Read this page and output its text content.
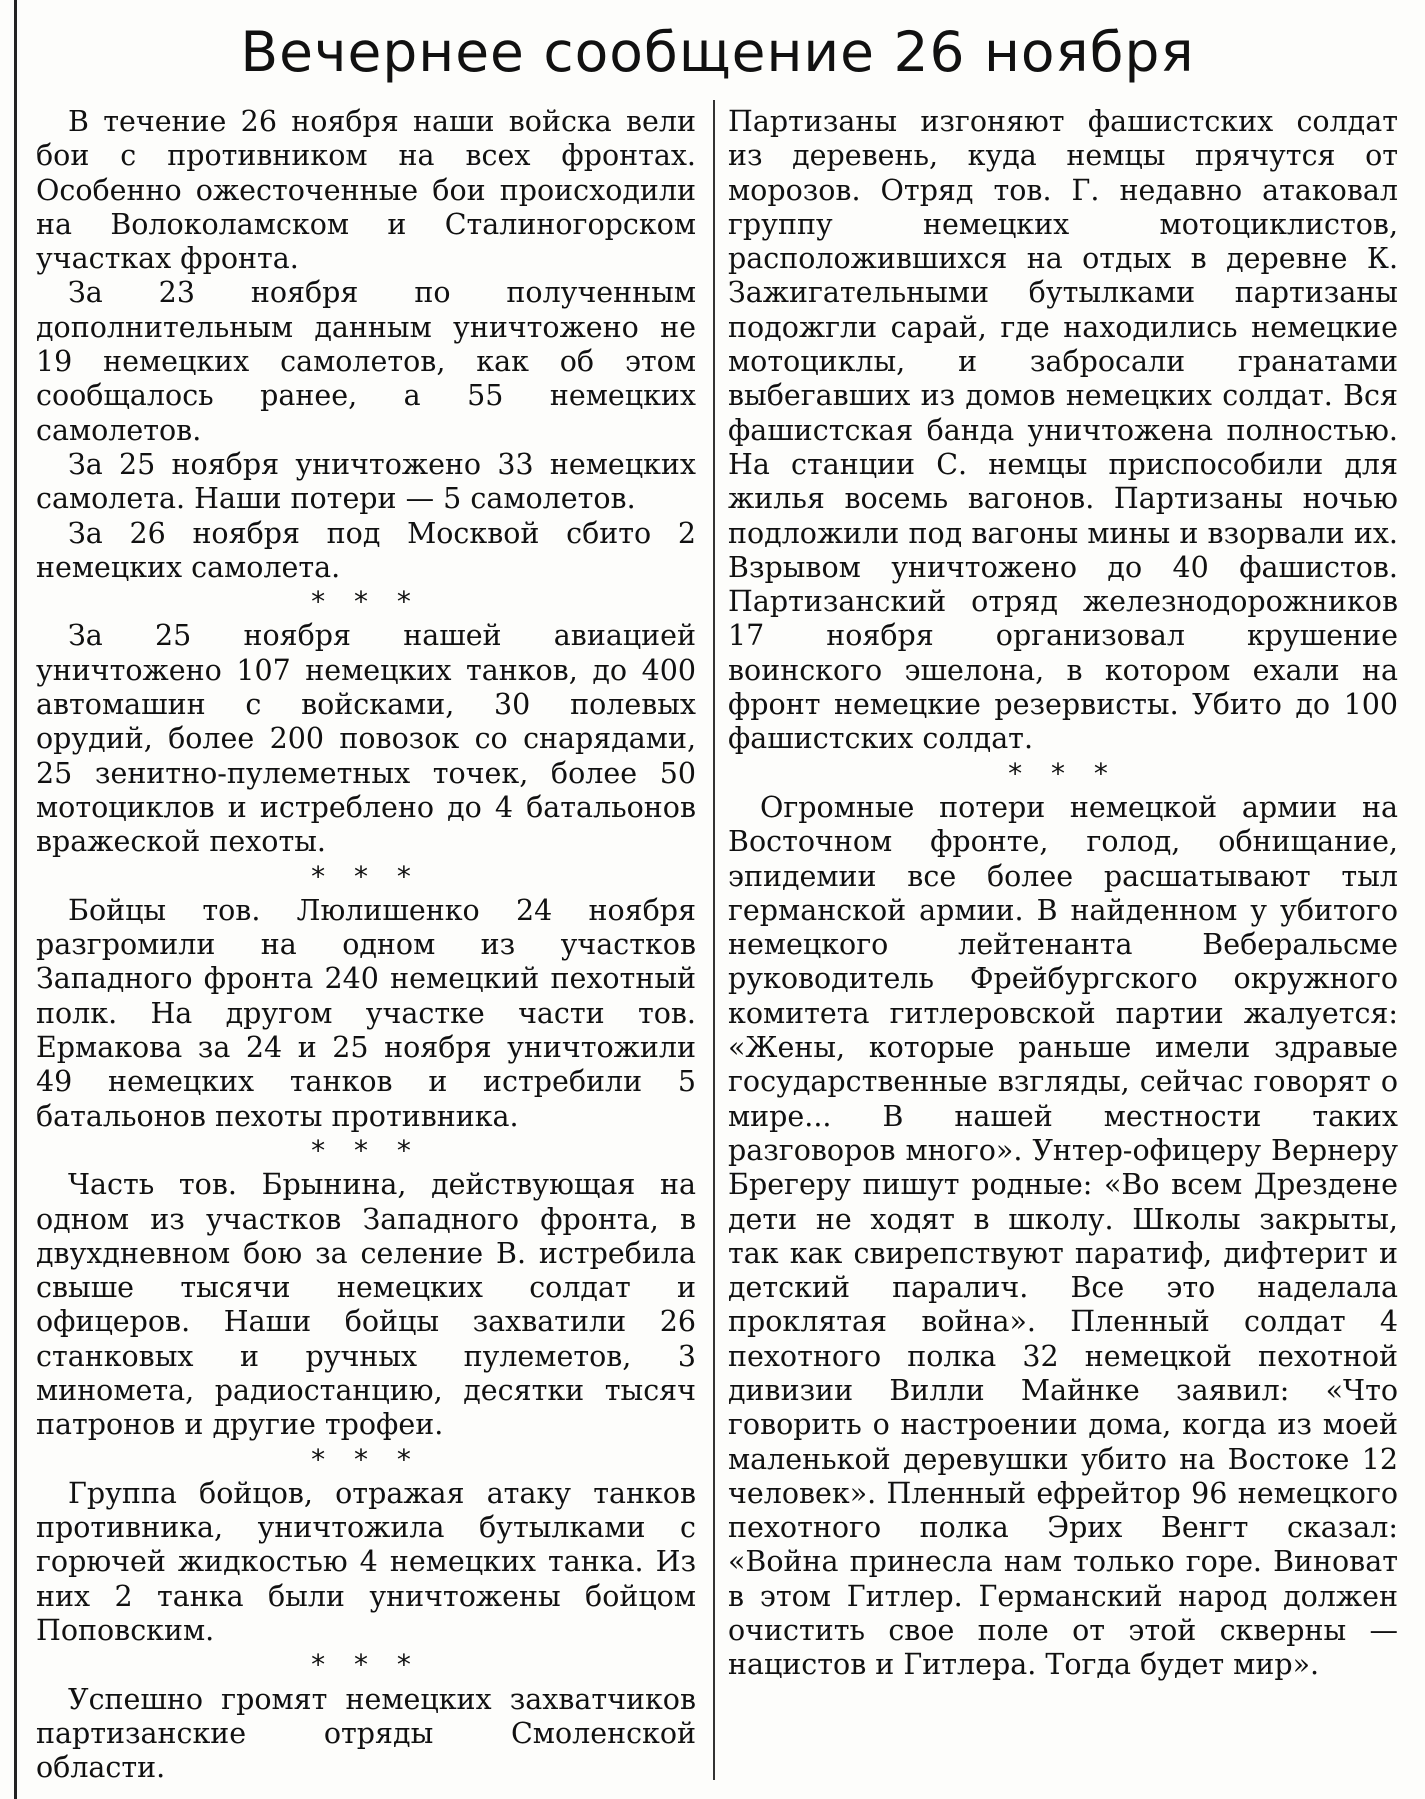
Вечернее сообщение 26 ноября

В течение 26 ноября наши войска вели бои с противником на всех фронтах. Особенно ожесточенные бои происходили на Волоколамском и Сталиногорском участках фронта.

За 23 ноября по полученным дополнительным данным уничтожено не 19 немецких самолетов, как об этом сообщалось ранее, а 55 немецких самолетов.

За 25 ноября уничтожено 33 немецких самолета. Наши потери — 5 самолетов.

За 26 ноября под Москвой сбито 2 немецких самолета.

* * *

За 25 ноября нашей авиацией уничтожено 107 немецких танков, до 400 автомашин с войсками, 30 полевых орудий, более 200 повозок со снарядами, 25 зенитно-пулеметных точек, более 50 мотоциклов и истреблено до 4 батальонов вражеской пехоты.

* * *

Бойцы тов. Люлишенко 24 ноября разгромили на одном из участков Западного фронта 240 немецкий пехотный полк. На другом участке части тов. Ермакова за 24 и 25 ноября уничтожили 49 немецких танков и истребили 5 батальонов пехоты противника.

* * *

Часть тов. Брынина, действующая на одном из участков Западного фронта, в двухдневном бою за селение В. истребила свыше тысячи немецких солдат и офицеров. Наши бойцы захватили 26 станковых и ручных пулеметов, 3 миномета, радиостанцию, десятки тысяч патронов и другие трофеи.

* * *

Группа бойцов, отражая атаку танков противника, уничтожила бутылками с горючей жидкостью 4 немецких танка. Из них 2 танка были уничтожены бойцом Поповским.

* * *

Успешно громят немецких захватчиков партизанские отряды Смоленской области.

Партизаны изгоняют фашистских солдат из деревень, куда немцы прячутся от морозов. Отряд тов. Г. недавно атаковал группу немецких мотоциклистов, расположившихся на отдых в деревне К. Зажигательными бутылками партизаны подожгли сарай, где находились немецкие мотоциклы, и забросали гранатами выбегавших из домов немецких солдат. Вся фашистская банда уничтожена полностью. На станции С. немцы приспособили для жилья восемь вагонов. Партизаны ночью подложили под вагоны мины и взорвали их. Взрывом уничтожено до 40 фашистов. Партизанский отряд железнодорожников 17 ноября организовал крушение воинского эшелона, в котором ехали на фронт немецкие резервисты. Убито до 100 фашистских солдат.

* * *

Огромные потери немецкой армии на Восточном фронте, голод, обнищание, эпидемии все более расшатывают тыл германской армии. В найденном у убитого немецкого лейтенанта Веберальсме руководитель Фрейбургского окружного комитета гитлеровской партии жалуется: «Жены, которые раньше имели здравые государственные взгляды, сейчас говорят о мире... В нашей местности таких разговоров много». Унтер-офицеру Вернеру Брегеру пишут родные: «Во всем Дрездене дети не ходят в школу. Школы закрыты, так как свирепствуют паратиф, дифтерит и детский паралич. Все это наделала проклятая война». Пленный солдат 4 пехотного полка 32 немецкой пехотной дивизии Вилли Майнке заявил: «Что говорить о настроении дома, когда из моей маленькой деревушки убито на Востоке 12 человек». Пленный ефрейтор 96 немецкого пехотного полка Эрих Венгт сказал: «Война принесла нам только горе. Виноват в этом Гитлер. Германский народ должен очистить свое поле от этой скверны — нацистов и Гитлера. Тогда будет мир».
